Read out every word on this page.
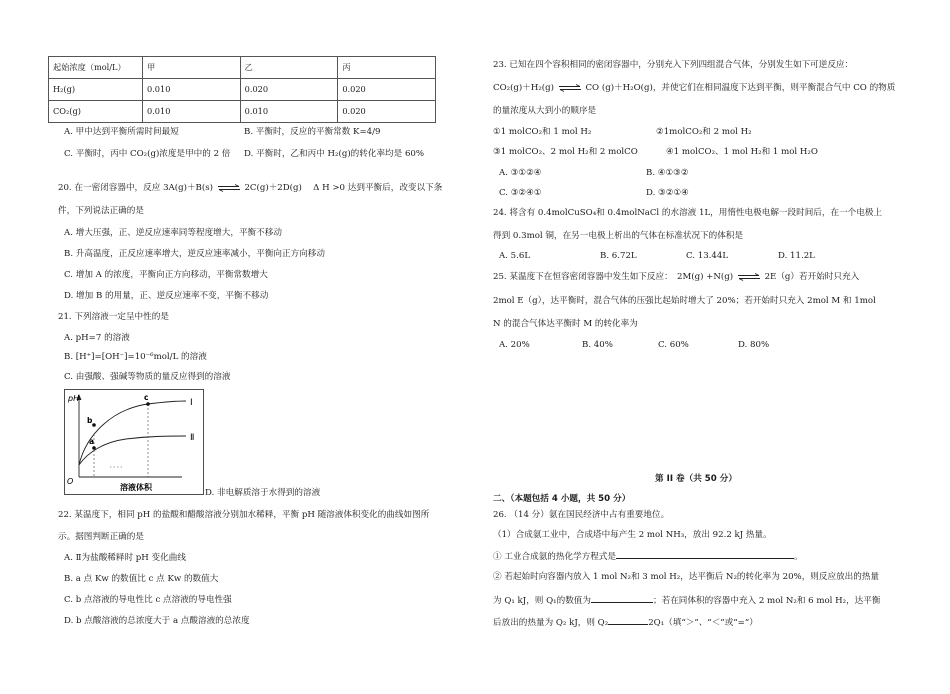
起始浓度（mol/L）	甲	乙	丙
H₂(g)	0.010	0.020	0.020
CO₂(g)	0.010	0.010	0.020
A. 甲中达到平衡所需时间最短	B. 平衡时，反应的平衡常数 K=4/9
C. 平衡时，丙中 CO₂(g)浓度是甲中的 2 倍 D. 平衡时，乙和丙中 H₂(g)的转化率均是 60%
20. 在一密闭容器中，反应 3A(g)＋B(s) ⇌ 2C(g)＋2D(g)　 Δ H >0 达到平衡后，改变以下条
件，下列说法正确的是
A. 增大压强，正、逆反应速率同等程度增大，平衡不移动
B. 升高温度，正反应速率增大，逆反应速率减小，平衡向正方向移动
C. 增加 A 的浓度，平衡向正方向移动，平衡常数增大
D. 增加 B 的用量，正、逆反应速率不变，平衡不移动
21. 下列溶液一定呈中性的是
A. pH=7 的溶液
B. [H⁺]=[OH⁻]=10⁻⁶mol/L 的溶液
C. 由强酸、强碱等物质的量反应得到的溶液
pH
O
溶液体积
b
a
c
Ⅰ
Ⅱ
D. 非电解质溶于水得到的溶液
22. 某温度下，相同 pH 的盐酸和醋酸溶液分别加水稀释，平衡 pH 随溶液体积变化的曲线如图所
示。据图判断正确的是
A. Ⅱ为盐酸稀释时 pH 变化曲线
B. a 点 Kw 的数值比 c 点 Kw 的数值大
C. b 点溶液的导电性比 c 点溶液的导电性强
D. b 点酸溶液的总浓度大于 a 点酸溶液的总浓度
23. 已知在四个容积相同的密闭容器中，分别充入下列四组混合气体，分别发生如下可逆反应：
CO₂(g)＋H₂(g) ⇌ CO (g)＋H₂O(g)，并使它们在相同温度下达到平衡，则平衡混合气中 CO 的物质
的量浓度从大到小的顺序是
①1 molCO₂和 1 mol H₂	②1molCO₂和 2 mol H₂
③1 molCO₂、2 mol H₂和 2 molCO	④1 molCO₂、1 mol H₂和 1 mol H₂O
A. ③①②④	B. ④①③②
C. ③②④①	D. ③②①④
24. 将含有 0.4molCuSO₄和 0.4molNaCl 的水溶液 1L，用惰性电极电解一段时间后，在一个电极上
得到 0.3mol 铜，在另一电极上析出的气体在标准状况下的体积是
A. 5.6L	B. 6.72L	C. 13.44L	D. 11.2L
25. 某温度下在恒容密闭容器中发生如下反应：　2M(g) +N(g) ⇌ 2E（g）若开始时只充入
2mol E（g），达平衡时，混合气体的压强比起始时增大了 20%；若开始时只充入 2mol M 和 1mol
N 的混合气体达平衡时 M 的转化率为
A. 20%	B. 40%	C. 60%	D. 80%
第 II 卷（共 50 分）
二、（本题包括 4 小题，共 50 分）
26. （14 分）氨在国民经济中占有重要地位。
（1）合成氨工业中，合成塔中每产生 2 mol NH₃，放出 92.2 kJ 热量。
① 工业合成氨的热化学方程式是	。
② 若起始时向容器内放入 1 mol N₂和 3 mol H₂，达平衡后 N₂的转化率为 20%，则反应放出的热量
为 Q₁ kJ，则 Q₁的数值为	；若在同体积的容器中充入 2 mol N₂和 6 mol H₂，达平衡
后放出的热量为 Q₂ kJ，则 Q₂	2Q₁（填“＞”、“＜”或“=”）
